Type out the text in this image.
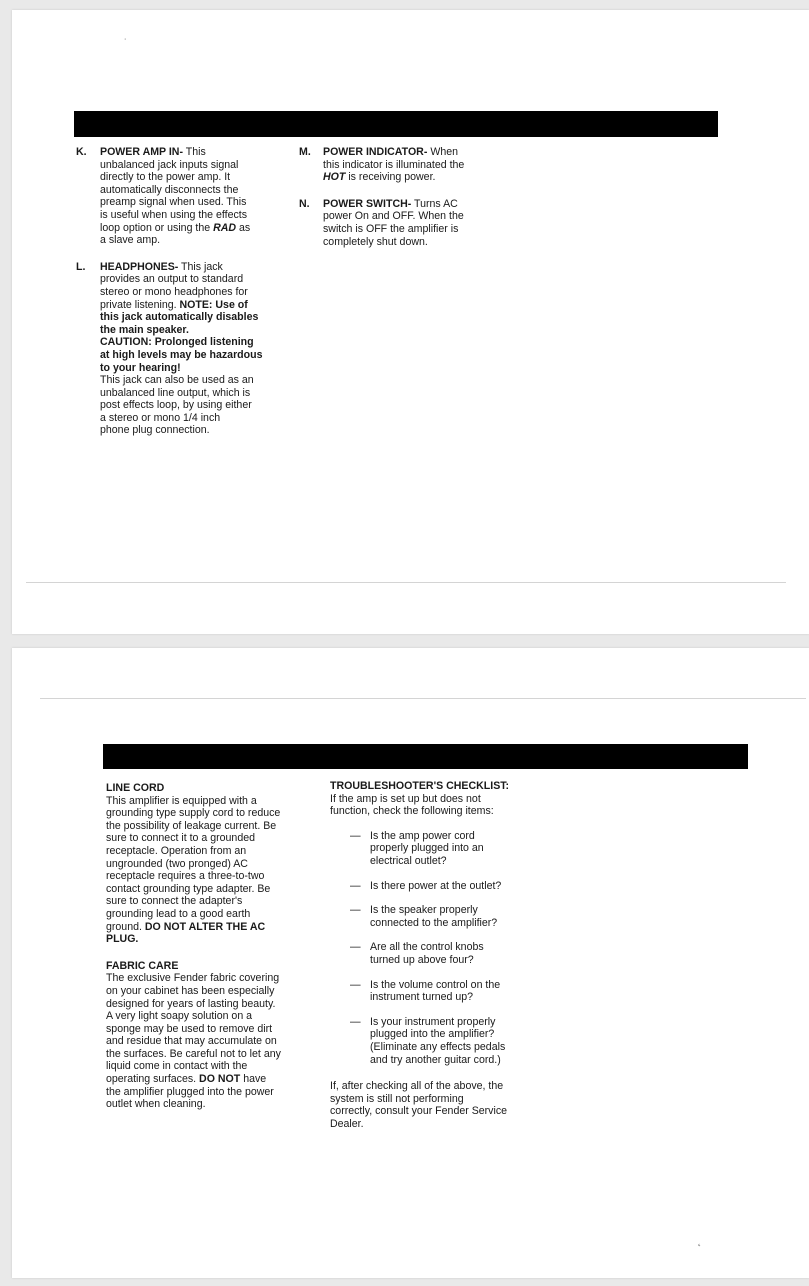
˙
K. POWER AMP IN- This
unbalanced jack inputs signal
directly to the power amp. It
automatically disconnects the
preamp signal when used. This
is useful when using the effects
loop option or using the RAD as
a slave amp.
L. HEADPHONES- This jack
provides an output to standard
stereo or mono headphones for
private listening. NOTE: Use of
this jack automatically disables
the main speaker.
CAUTION: Prolonged listening
at high levels may be hazardous
to your hearing!
This jack can also be used as an
unbalanced line output, which is
post effects loop, by using either
a stereo or mono 1/4 inch
phone plug connection.
M. POWER INDICATOR- When
this indicator is illuminated the
HOT is receiving power.
N. POWER SWITCH- Turns AC
power On and OFF. When the
switch is OFF the amplifier is
completely shut down.
LINE CORD
This amplifier is equipped with a
grounding type supply cord to reduce
the possibility of leakage current. Be
sure to connect it to a grounded
receptacle. Operation from an
ungrounded (two pronged) AC
receptacle requires a three-to-two
contact grounding type adapter. Be
sure to connect the adapter's
grounding lead to a good earth
ground. DO NOT ALTER THE AC
PLUG.
FABRIC CARE
The exclusive Fender fabric covering
on your cabinet has been especially
designed for years of lasting beauty.
A very light soapy solution on a
sponge may be used to remove dirt
and residue that may accumulate on
the surfaces. Be careful not to let any
liquid come in contact with the
operating surfaces. DO NOT have
the amplifier plugged into the power
outlet when cleaning.
TROUBLESHOOTER'S CHECKLIST:
If the amp is set up but does not
function, check the following items:
— Is the amp power cord
properly plugged into an
electrical outlet?
— Is there power at the outlet?
— Is the speaker properly
connected to the amplifier?
— Are all the control knobs
turned up above four?
— Is the volume control on the
instrument turned up?
— Is your instrument properly
plugged into the amplifier?
(Eliminate any effects pedals
and try another guitar cord.)
If, after checking all of the above, the
system is still not performing
correctly, consult your Fender Service
Dealer.
˛
